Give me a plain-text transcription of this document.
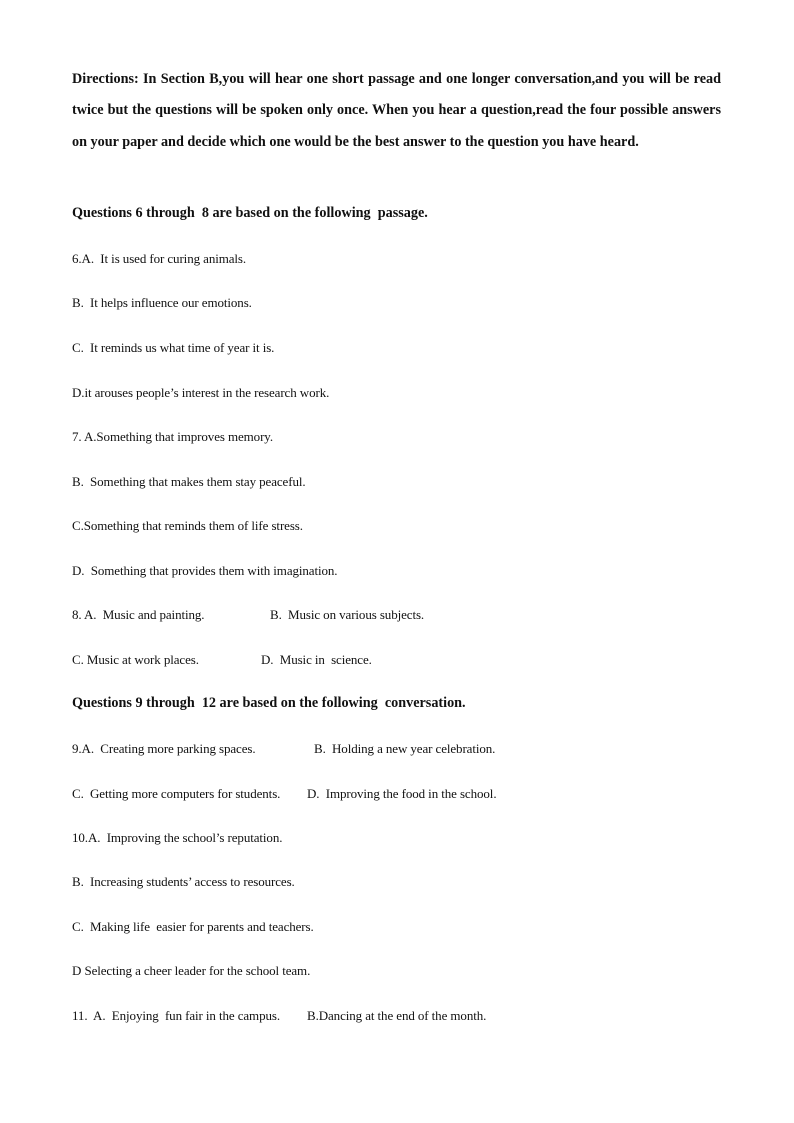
Directions: In Section B,you will hear one short passage and one longer conversation,and you will be read twice but the questions will be spoken only once. When you hear a question,read the four possible answers on your paper and decide which one would be the best answer to the question you have heard.
Questions 6 through  8 are based on the following  passage.
6.A.  It is used for curing animals.
B.  It helps influence our emotions.
C.  It reminds us what time of year it is.
D.it arouses people’s interest in the research work.
7. A.Something that improves memory.
B.  Something that makes them stay peaceful.
C.Something that reminds them of life stress.
D.  Something that provides them with imagination.
8. A.  Music and painting.	B.  Music on various subjects.
C. Music at work places.	D.  Music in  science.
Questions 9 through  12 are based on the following  conversation.
9.A.  Creating more parking spaces.	B.  Holding a new year celebration.
C.  Getting more computers for students. D.  Improving the food in the school.
10.A.  Improving the school’s reputation.
B.  Increasing students’ access to resources.
C.  Making life  easier for parents and teachers.
D Selecting a cheer leader for the school team.
11.  A.  Enjoying  fun fair in the campus. B.Dancing at the end of the month.
